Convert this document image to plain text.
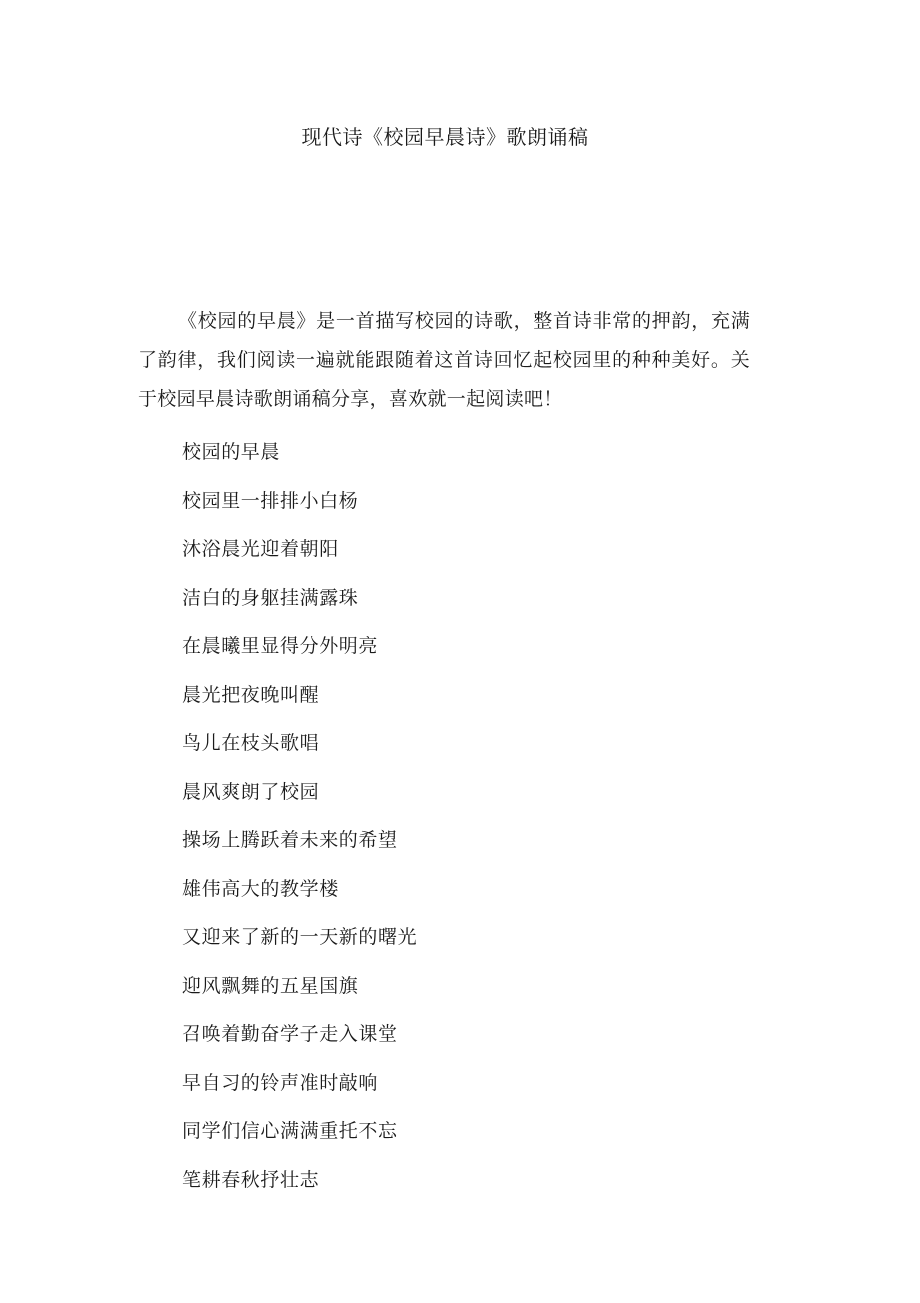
现代诗《校园早晨诗》歌朗诵稿

《校园的早晨》是一首描写校园的诗歌，整首诗非常的押韵，充满了韵律，我们阅读一遍就能跟随着这首诗回忆起校园里的种种美好。关于校园早晨诗歌朗诵稿分享，喜欢就一起阅读吧！

校园的早晨
校园里一排排小白杨
沐浴晨光迎着朝阳
洁白的身躯挂满露珠
在晨曦里显得分外明亮
晨光把夜晚叫醒
鸟儿在枝头歌唱
晨风爽朗了校园
操场上腾跃着未来的希望
雄伟高大的教学楼
又迎来了新的一天新的曙光
迎风飘舞的五星国旗
召唤着勤奋学子走入课堂
早自习的铃声准时敲响
同学们信心满满重托不忘
笔耕春秋抒壮志
